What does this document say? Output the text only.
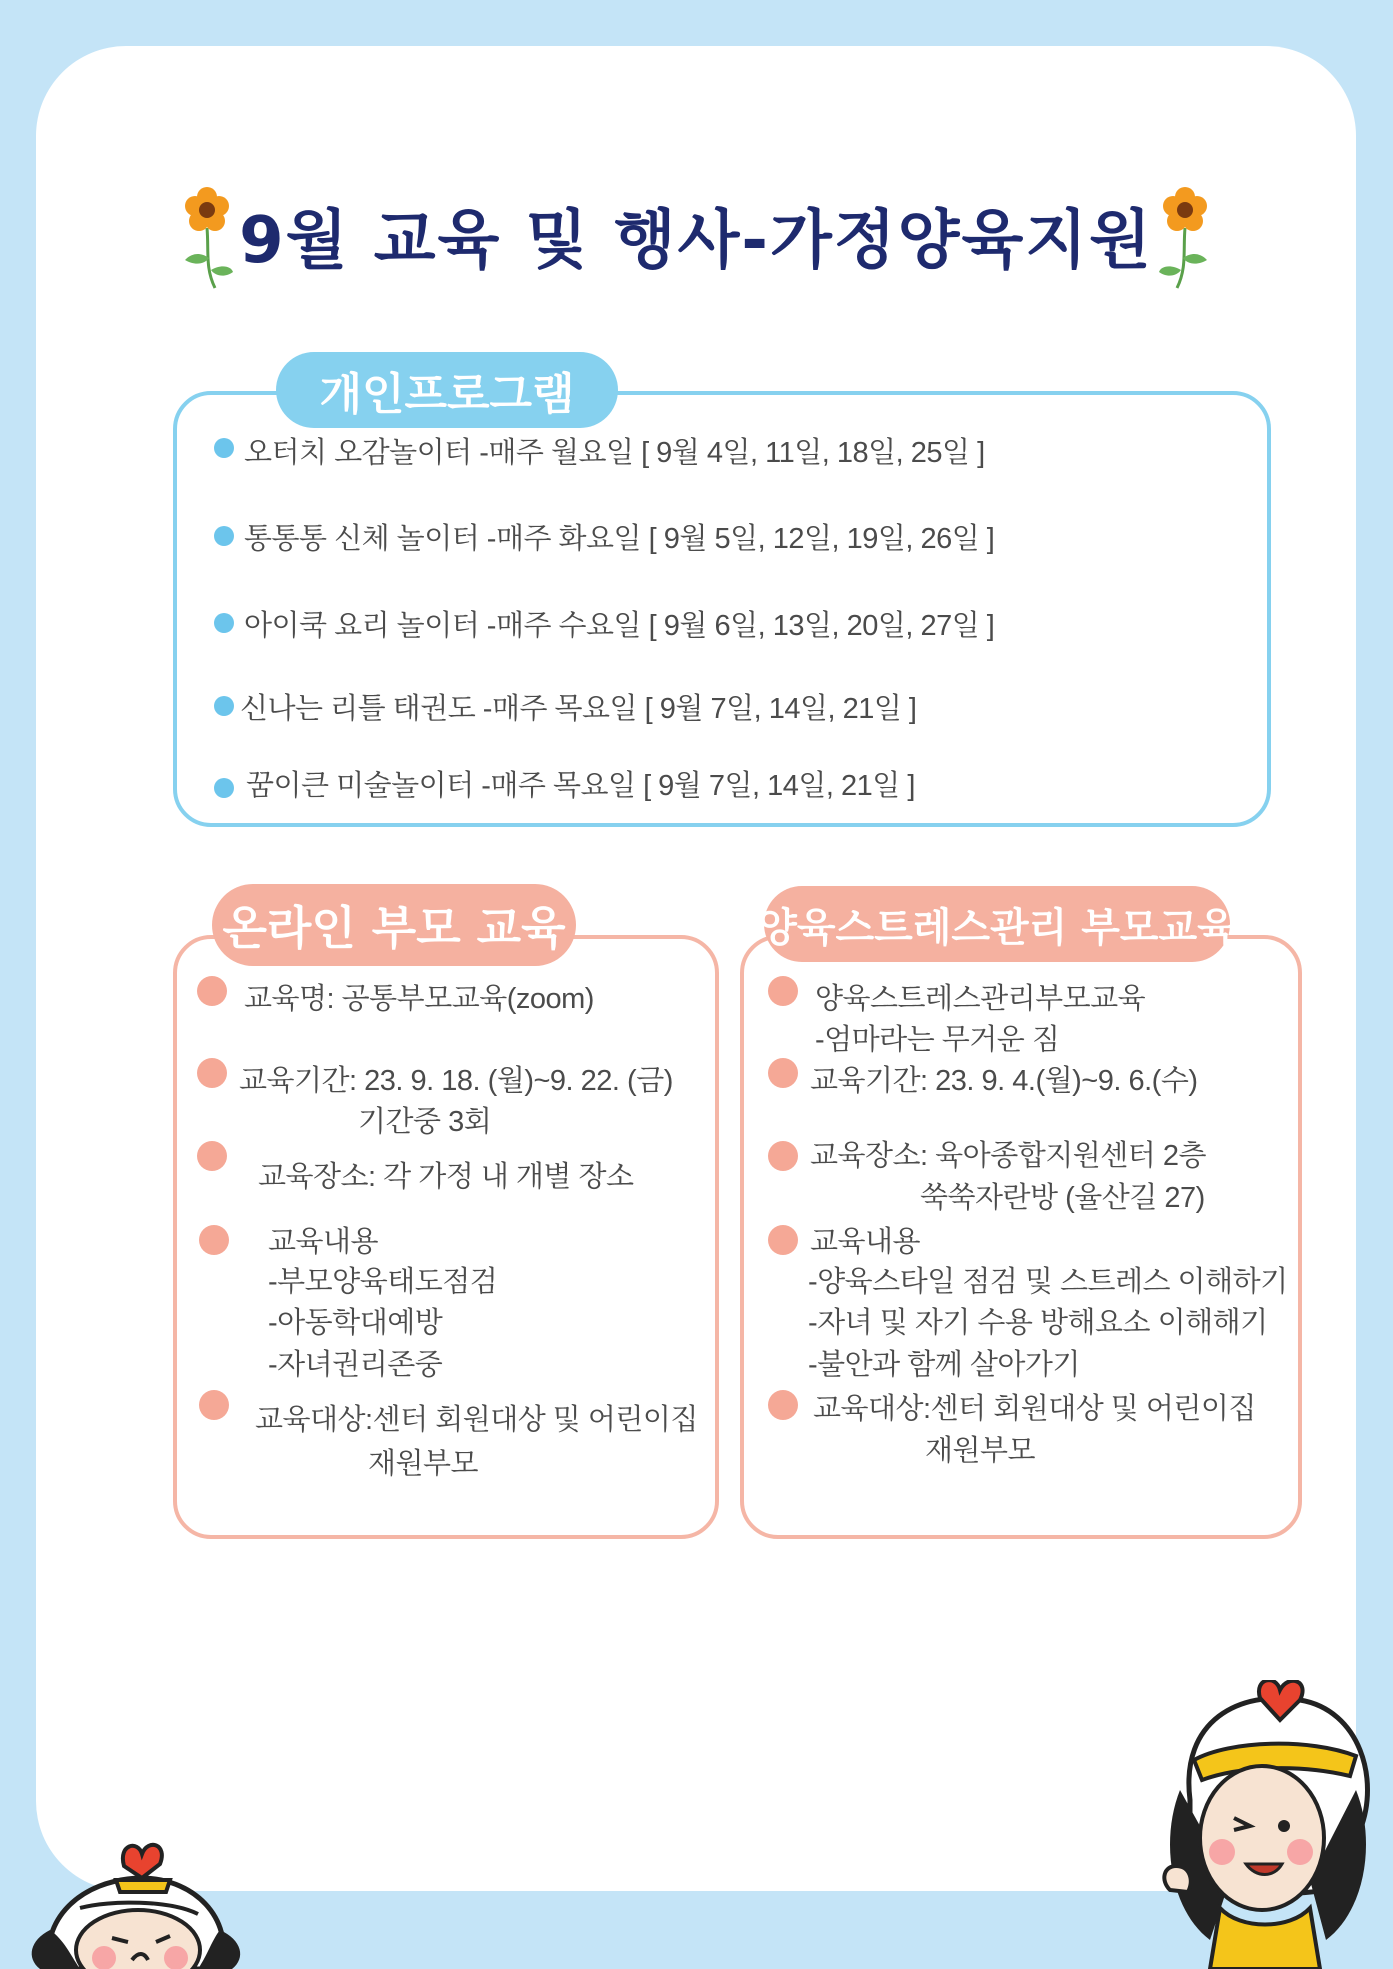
9월 교육 및 행사-가정양육지원
개인프로그램
오터치 오감놀이터 -매주 월요일 [ 9월 4일, 11일, 18일, 25일 ]
통통통 신체 놀이터 -매주 화요일 [ 9월 5일, 12일, 19일, 26일 ]
아이쿡 요리 놀이터 -매주 수요일 [ 9월 6일, 13일, 20일, 27일 ]
신나는 리틀 태권도 -매주 목요일 [ 9월 7일, 14일, 21일 ]
꿈이큰 미술놀이터 -매주 목요일 [ 9월 7일, 14일, 21일 ]
온라인 부모 교육
교육명: 공통부모교육(zoom)
교육기간: 23. 9. 18. (월)~9. 22. (금)
기간중 3회
교육장소: 각 가정 내 개별 장소
교육내용
-부모양육태도점검
-아동학대예방
-자녀권리존중
교육대상:센터 회원대상 및 어린이집
재원부모
양육스트레스관리 부모교육
양육스트레스관리부모교육
-엄마라는 무거운 짐
교육기간: 23. 9. 4.(월)~9. 6.(수)
교육장소: 육아종합지원센터 2층
쑥쑥자란방 (율산길 27)
교육내용
-양육스타일 점검 및 스트레스 이해하기
-자녀 및 자기 수용 방해요소 이해해기
-불안과 함께 살아가기
교육대상:센터 회원대상 및 어린이집
재원부모
